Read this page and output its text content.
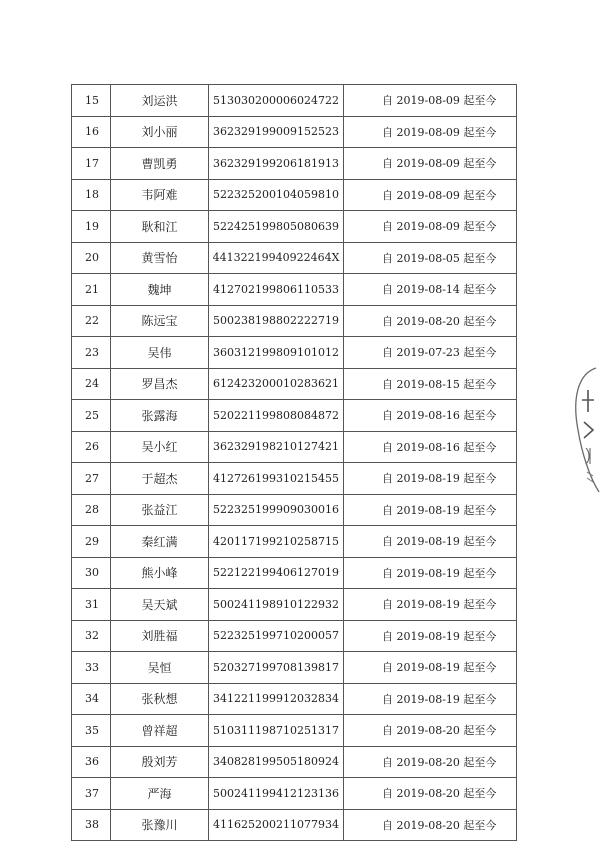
15	刘运洪	513030200006024722	自 2019-08-09 起至今
16	刘小丽	362329199009152523	自 2019-08-09 起至今
17	曹凯勇	362329199206181913	自 2019-08-09 起至今
18	韦阿难	522325200104059810	自 2019-08-09 起至今
19	耿和江	522425199805080639	自 2019-08-09 起至今
20	黄雪怡	44132219940922464X	自 2019-08-05 起至今
21	魏坤	412702199806110533	自 2019-08-14 起至今
22	陈远宝	500238198802222719	自 2019-08-20 起至今
23	吴伟	360312199809101012	自 2019-07-23 起至今
24	罗昌杰	612423200010283621	自 2019-08-15 起至今
25	张露海	520221199808084872	自 2019-08-16 起至今
26	吴小红	362329198210127421	自 2019-08-16 起至今
27	于超杰	412726199310215455	自 2019-08-19 起至今
28	张益江	522325199909030016	自 2019-08-19 起至今
29	秦红满	420117199210258715	自 2019-08-19 起至今
30	熊小峰	522122199406127019	自 2019-08-19 起至今
31	吴天斌	500241198910122932	自 2019-08-19 起至今
32	刘胜福	522325199710200057	自 2019-08-19 起至今
33	吴恒	520327199708139817	自 2019-08-19 起至今
34	张秋想	341221199912032834	自 2019-08-19 起至今
35	曾祥超	510311198710251317	自 2019-08-20 起至今
36	殷刘芳	340828199505180924	自 2019-08-20 起至今
37	严海	500241199412123136	自 2019-08-20 起至今
38	张豫川	411625200211077934	自 2019-08-20 起至今
